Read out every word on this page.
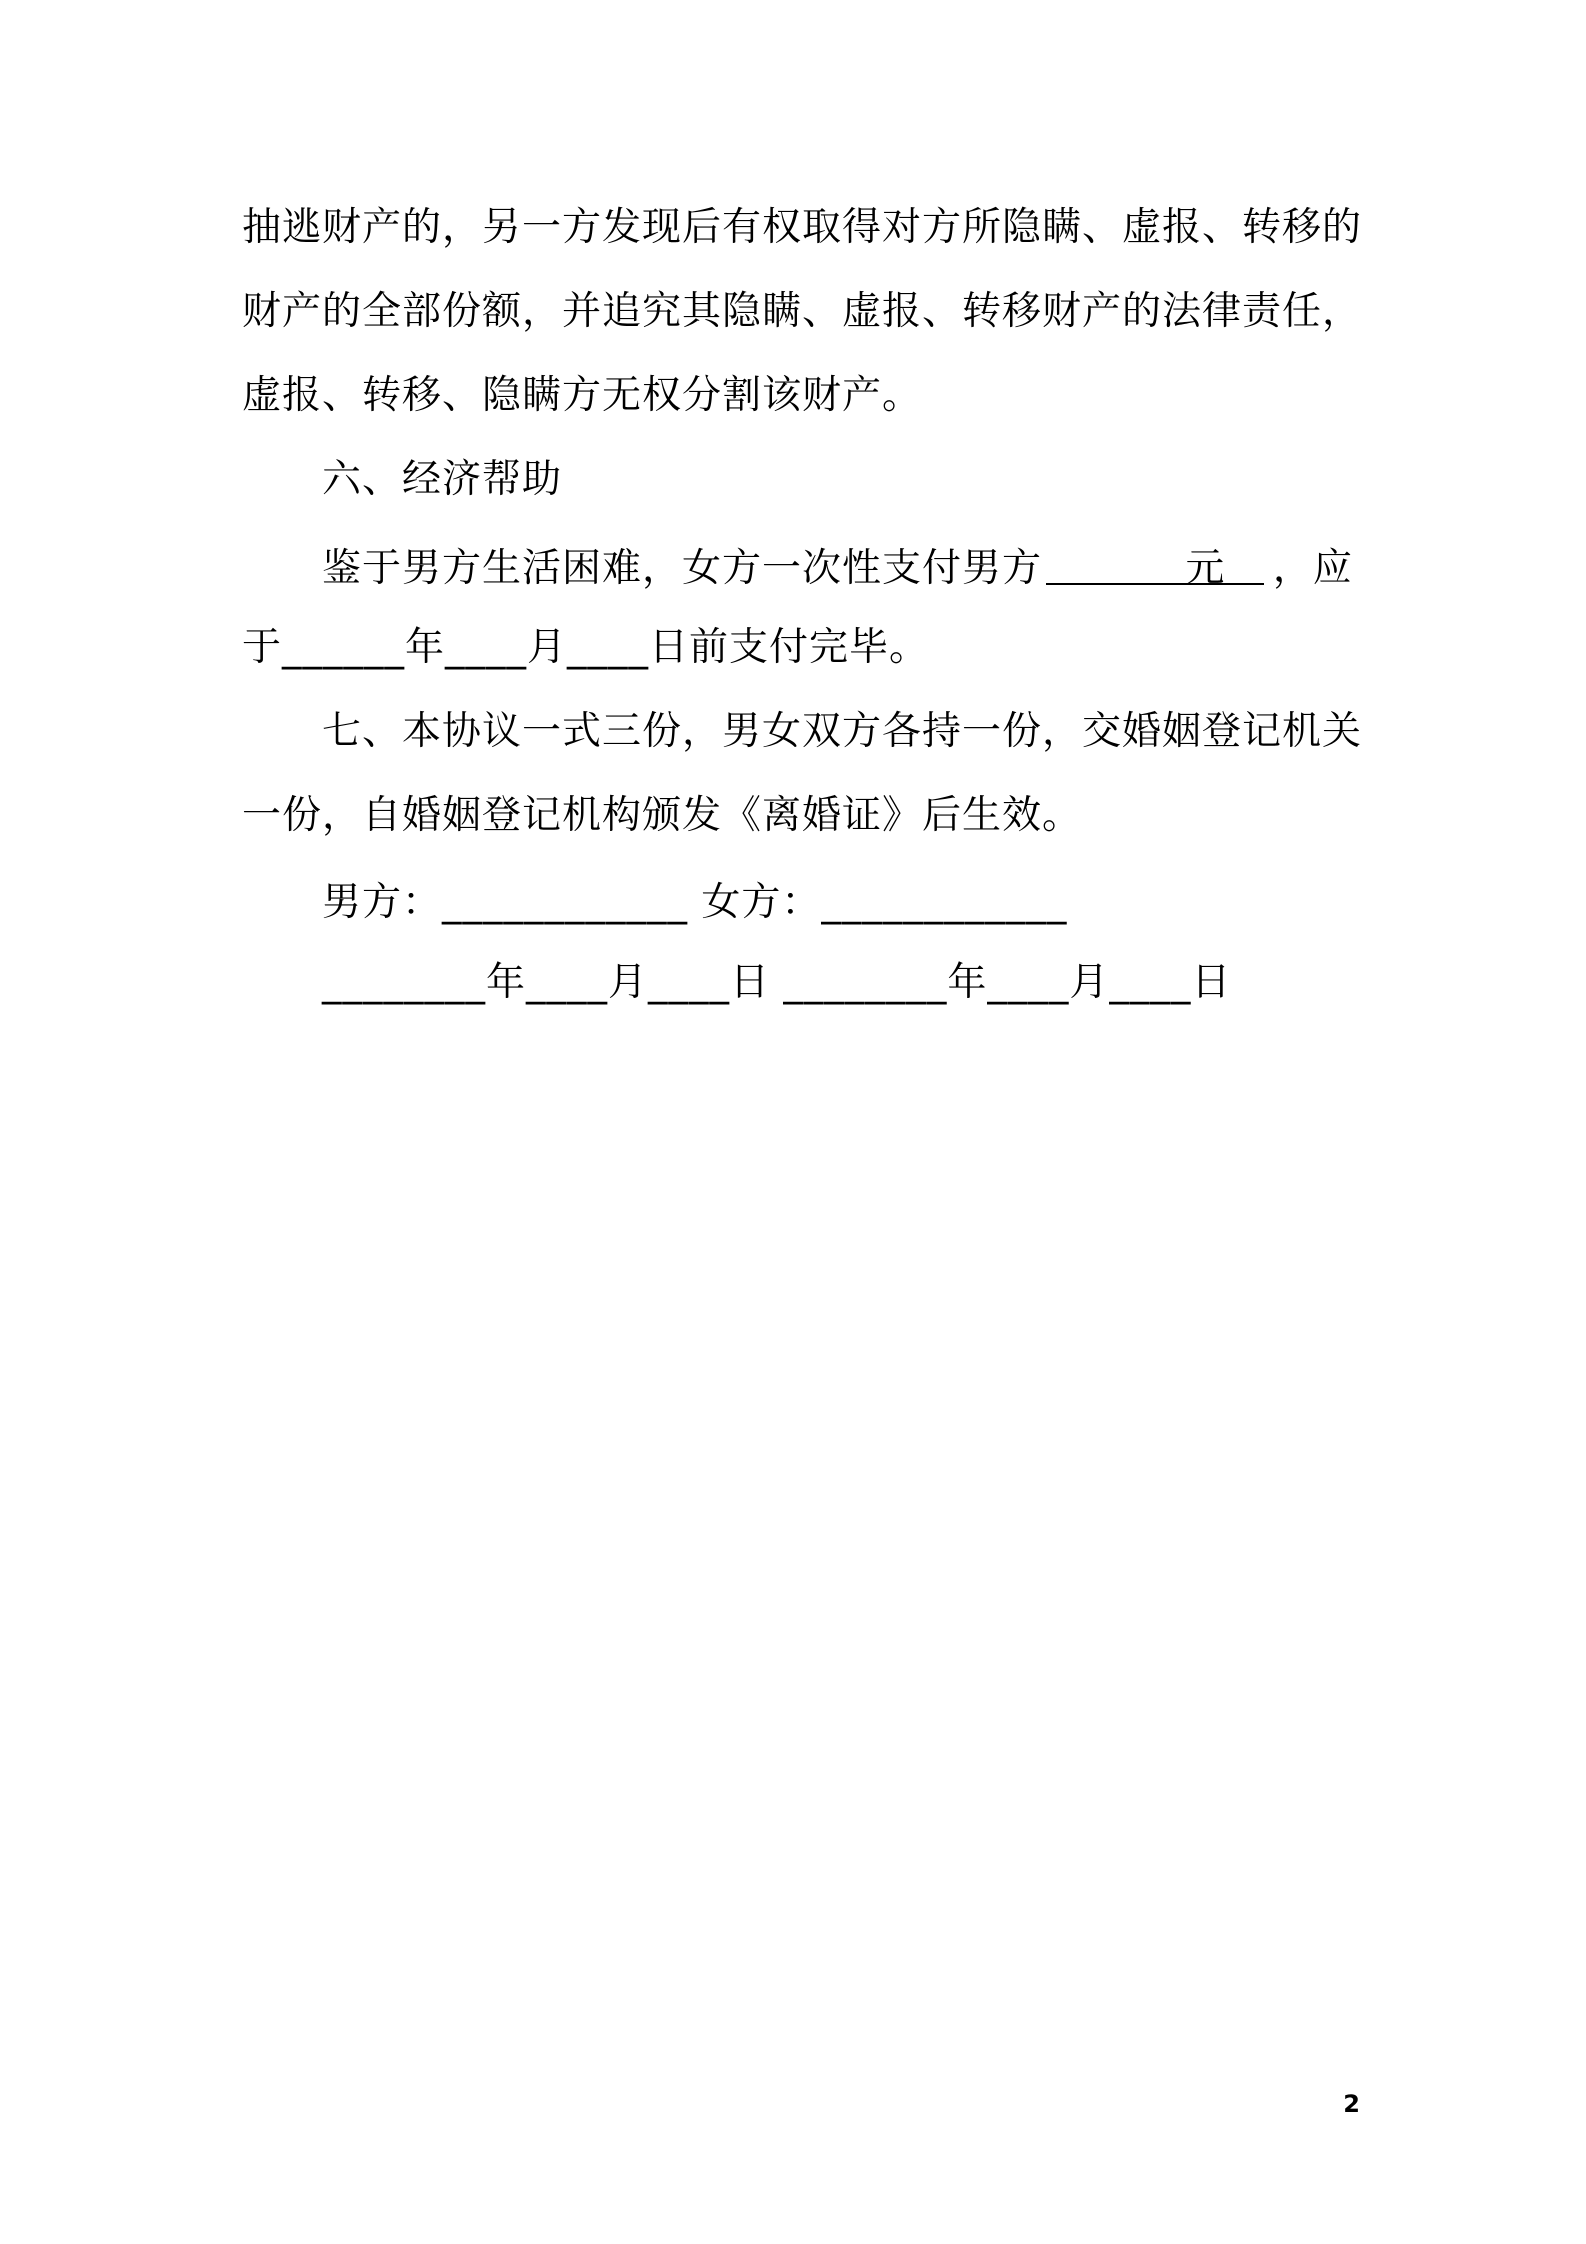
抽逃财产的，另一方发现后有权取得对方所隐瞒、虚报、转移的
财产的全部份额，并追究其隐瞒、虚报、转移财产的法律责任，
虚报、转移、隐瞒方无权分割该财产。
六、经济帮助
鉴于男方生活困难，女方一次性支付男方	元 ，应
于______年____月____日前支付完毕。
七、本协议一式三份，男女双方各持一份，交婚姻登记机关
一份，自婚姻登记机构颁发《离婚证》后生效。
男方：____________ 女方：____________
________年____月____日 ________年____月____日
2
